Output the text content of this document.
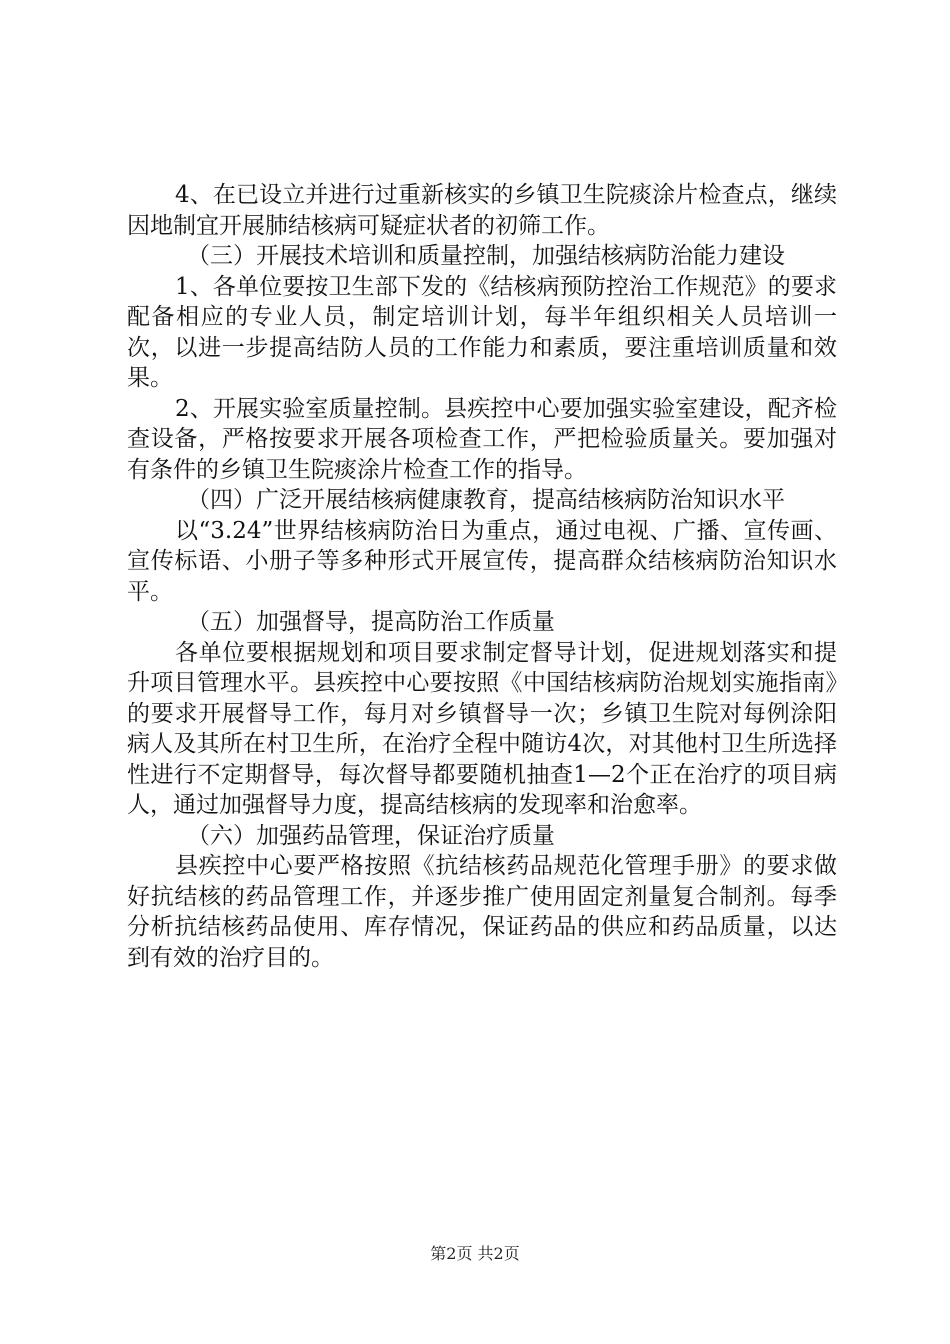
4、在已设立并进行过重新核实的乡镇卫生院痰涂片检查点，继续因地制宜开展肺结核病可疑症状者的初筛工作。

（三）开展技术培训和质量控制，加强结核病防治能力建设

1、各单位要按卫生部下发的《结核病预防控治工作规范》的要求配备相应的专业人员，制定培训计划，每半年组织相关人员培训一次，以进一步提高结防人员的工作能力和素质，要注重培训质量和效果。

2、开展实验室质量控制。县疾控中心要加强实验室建设，配齐检查设备，严格按要求开展各项检查工作，严把检验质量关。要加强对有条件的乡镇卫生院痰涂片检查工作的指导。

（四）广泛开展结核病健康教育，提高结核病防治知识水平

以“3.24”世界结核病防治日为重点，通过电视、广播、宣传画、宣传标语、小册子等多种形式开展宣传，提高群众结核病防治知识水平。

（五）加强督导，提高防治工作质量

各单位要根据规划和项目要求制定督导计划，促进规划落实和提升项目管理水平。县疾控中心要按照《中国结核病防治规划实施指南》的要求开展督导工作，每月对乡镇督导一次；乡镇卫生院对每例涂阳病人及其所在村卫生所，在治疗全程中随访4次，对其他村卫生所选择性进行不定期督导，每次督导都要随机抽查1—2个正在治疗的项目病人，通过加强督导力度，提高结核病的发现率和治愈率。

（六）加强药品管理，保证治疗质量

县疾控中心要严格按照《抗结核药品规范化管理手册》的要求做好抗结核的药品管理工作，并逐步推广使用固定剂量复合制剂。每季分析抗结核药品使用、库存情况，保证药品的供应和药品质量，以达到有效的治疗目的。

第2页 共2页
